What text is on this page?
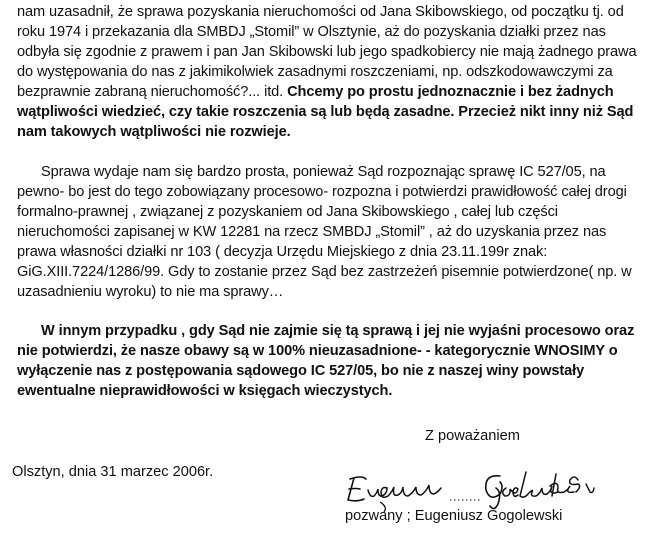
nam uzasadnił, że sprawa pozyskania nieruchomości od Jana Skibowskiego, od początku tj. od roku 1974 i przekazania dla SMBDJ „Stomil” w Olsztynie, aż do pozyskania działki przez nas odbyła się zgodnie z prawem i pan Jan Skibowski lub jego spadkobiercy nie mają żadnego prawa do występowania do nas z jakimikolwiek zasadnymi roszczeniami, np. odszkodowawczymi za bezprawnie zabraną nieruchomość?... itd. Chcemy po prostu jednoznacznie i bez żadnych wątpliwości wiedzieć, czy takie roszczenia są lub będą zasadne. Przecież nikt inny niż Sąd nam takowych wątpliwości nie rozwieje.

Sprawa wydaje nam się bardzo prosta, ponieważ Sąd rozpoznając sprawę IC 527/05, na pewno- bo jest do tego zobowiązany procesowo- rozpozna i potwierdzi prawidłowość całej drogi formalno-prawnej , związanej z pozyskaniem od Jana Skibowskiego , całej lub części nieruchomości zapisanej w KW 12281 na rzecz SMBDJ „Stomil” , aż do uzyskania przez nas prawa własności działki nr 103 ( decyzja Urzędu Miejskiego z dnia 23.11.199r znak: GiG.XIII.7224/1286/99. Gdy to zostanie przez Sąd bez zastrzeżeń pisemnie potwierdzone( np. w uzasadnieniu wyroku) to nie ma sprawy…

W innym przypadku , gdy Sąd nie zajmie się tą sprawą i jej nie wyjaśni procesowo oraz nie potwierdzi, że nasze obawy są w 100% nieuzasadnione- - kategorycznie WNOSIMY o wyłączenie nas z postępowania sądowego IC 527/05, bo nie z naszej winy powstały ewentualne nieprawidłowości w księgach wieczystych.

Z poważaniem

Olsztyn, dnia 31 marzec 2006r.

pozwany ; Eugeniusz Gogolewski
